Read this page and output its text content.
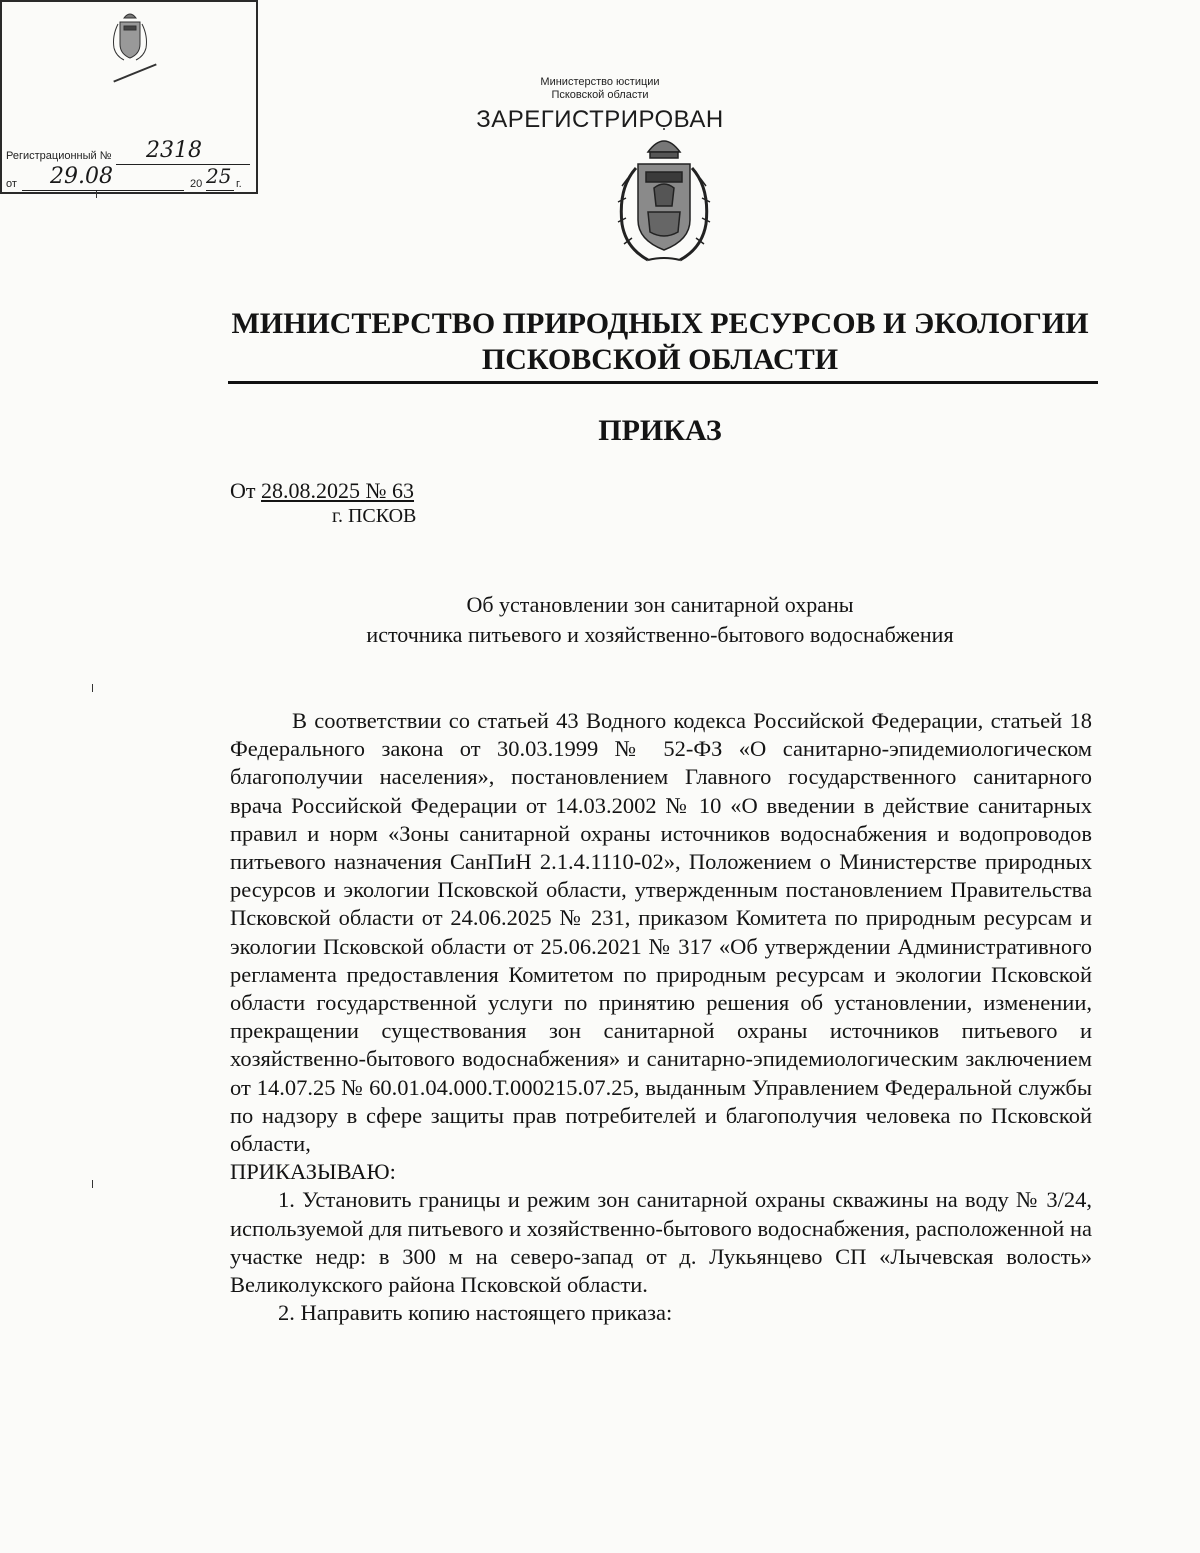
Министерство юстиции
Псковской области
ЗАРЕГИСТРИРОВАН
Регистрационный № 2318
от 29.08	20 25 г.
МИНИСТЕРСТВО ПРИРОДНЫХ РЕСУРСОВ И ЭКОЛОГИИ
ПСКОВСКОЙ ОБЛАСТИ
ПРИКАЗ
От 28.08.2025 № 63
г. ПСКОВ
Об установлении зон санитарной охраны
источника питьевого и хозяйственно-бытового водоснабжения

В соответствии со статьей 43 Водного кодекса Российской Федерации, статьей 18 Федерального закона от 30.03.1999 № 52-ФЗ «О санитарно-эпидемиологическом благополучии населения», постановлением Главного государственного санитарного врача Российской Федерации от 14.03.2002 № 10 «О введении в действие санитарных правил и норм «Зоны санитарной охраны источников водоснабжения и водопроводов питьевого назначения СанПиН 2.1.4.1110-02», Положением о Министерстве природных ресурсов и экологии Псковской области, утвержденным постановлением Правительства Псковской области от 24.06.2025 № 231, приказом Комитета по природным ресурсам и экологии Псковской области от 25.06.2021 № 317 «Об утверждении Административного регламента предоставления Комитетом по природным ресурсам и экологии Псковской области государственной услуги по принятию решения об установлении, изменении, прекращении существования зон санитарной охраны источников питьевого и хозяйственно-бытового водоснабжения» и санитарно-эпидемиологическим заключением от 14.07.25 № 60.01.04.000.Т.000215.07.25, выданным Управлением Федеральной службы по надзору в сфере защиты прав потребителей и благополучия человека по Псковской области,

ПРИКАЗЫВАЮ:

1. Установить границы и режим зон санитарной охраны скважины на воду № 3/24, используемой для питьевого и хозяйственно-бытового водоснабжения, расположенной на участке недр: в 300 м на северо-запад от д. Лукьянцево СП «Лычевская волость» Великолукского района Псковской области.

2. Направить копию настоящего приказа:
